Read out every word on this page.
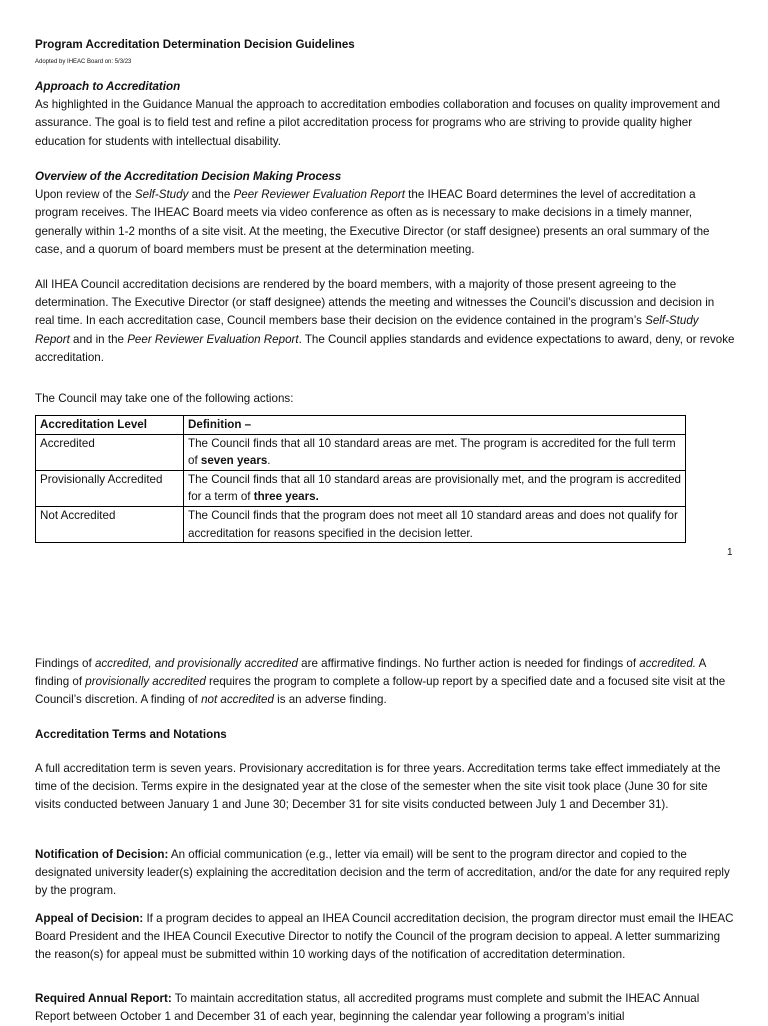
Program Accreditation Determination Decision Guidelines

Adopted by IHEAC Board on: 5/3/23

Approach to Accreditation

As highlighted in the Guidance Manual the approach to accreditation embodies collaboration and focuses on quality improvement and assurance. The goal is to field test and refine a pilot accreditation process for programs who are striving to provide quality higher education for students with intellectual disability.

Overview of the Accreditation Decision Making Process

Upon review of the Self-Study and the Peer Reviewer Evaluation Report the IHEAC Board determines the level of accreditation a program receives. The IHEAC Board meets via video conference as often as is necessary to make decisions in a timely manner, generally within 1-2 months of a site visit. At the meeting, the Executive Director (or staff designee) presents an oral summary of the case, and a quorum of board members must be present at the determination meeting.

All IHEA Council accreditation decisions are rendered by the board members, with a majority of those present agreeing to the determination. The Executive Director (or staff designee) attends the meeting and witnesses the Council’s discussion and decision in real time. In each accreditation case, Council members base their decision on the evidence contained in the program’s Self-Study Report and in the Peer Reviewer Evaluation Report. The Council applies standards and evidence expectations to award, deny, or revoke accreditation.

The Council may take one of the following actions:

Accreditation Level	Definition –
Accredited	The Council finds that all 10 standard areas are met. The program is accredited for the full term of seven years.
Provisionally Accredited	The Council finds that all 10 standard areas are provisionally met, and the program is accredited for a term of three years.
Not Accredited	The Council finds that the program does not meet all 10 standard areas and does not qualify for accreditation for reasons specified in the decision letter.

1

Findings of accredited, and provisionally accredited are affirmative findings. No further action is needed for findings of accredited. A finding of provisionally accredited requires the program to complete a follow-up report by a specified date and a focused site visit at the Council’s discretion. A finding of not accredited is an adverse finding.

Accreditation Terms and Notations

A full accreditation term is seven years. Provisionary accreditation is for three years. Accreditation terms take effect immediately at the time of the decision. Terms expire in the designated year at the close of the semester when the site visit took place (June 30 for site visits conducted between January 1 and June 30; December 31 for site visits conducted between July 1 and December 31).

Notification of Decision: An official communication (e.g., letter via email) will be sent to the program director and copied to the designated university leader(s) explaining the accreditation decision and the term of accreditation, and/or the date for any required reply by the program.

Appeal of Decision: If a program decides to appeal an IHEA Council accreditation decision, the program director must email the IHEAC Board President and the IHEA Council Executive Director to notify the Council of the program decision to appeal. A letter summarizing the reason(s) for appeal must be submitted within 10 working days of the notification of accreditation determination.

Required Annual Report: To maintain accreditation status, all accredited programs must complete and submit the IHEAC Annual Report between October 1 and December 31 of each year, beginning the calendar year following a program’s initial
